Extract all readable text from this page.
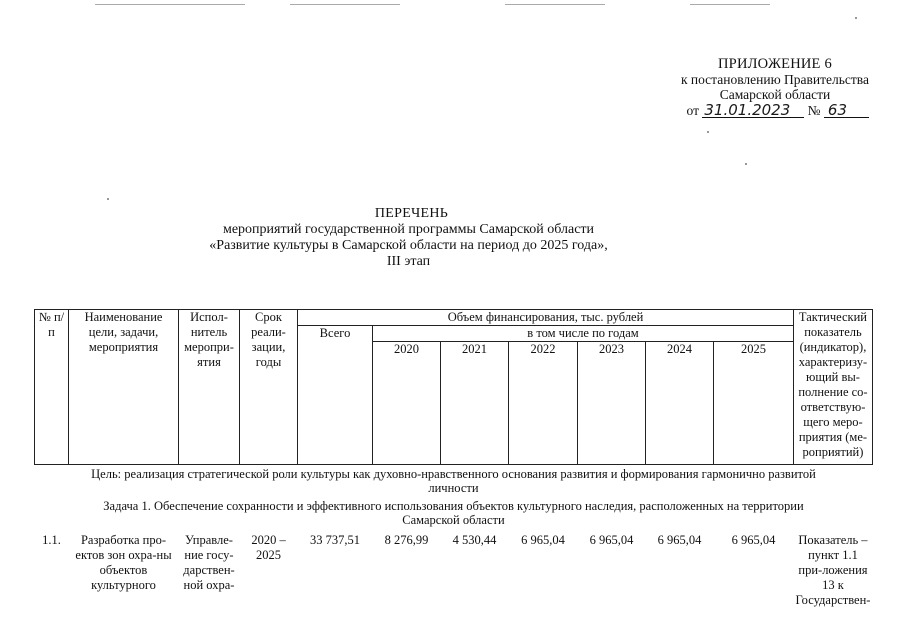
ПРИЛОЖЕНИЕ 6
к постановлению Правительства
Самарской области
от 31.01.2023 № 63
ПЕРЕЧЕНЬ
мероприятий государственной программы Самарской области
«Развитие культуры в Самарской области на период до 2025 года»,
III этап
№ п/п	Наименование цели, задачи, мероприятия	Испол-нитель меропри-ятия	Срок реали-зации, годы	Объем финансирования, тыс. рублей							Тактический показатель (индикатор), характеризу-ющий вы-полнение со-ответствую-щего меро-приятия (ме-роприятий)
				Всего	в том числе по годам						
					2020	2021	2022	2023	2024	2025	
Цель: реализация стратегической роли культуры как духовно-нравственного основания развития и формирования гармонично развитой личности											
Задача 1. Обеспечение сохранности и эффективного использования объектов культурного наследия, расположенных на территории Самарской области											
1.1.	Разработка про-ектов зон охра-ны объектов культурного	Управле-ние госу-дарствен-ной охра-	2020 – 2025	33 737,51	8 276,99	4 530,44	6 965,04	6 965,04	6 965,04	6 965,04	Показатель – пункт 1.1 при-ложения 13 к Государствен-
